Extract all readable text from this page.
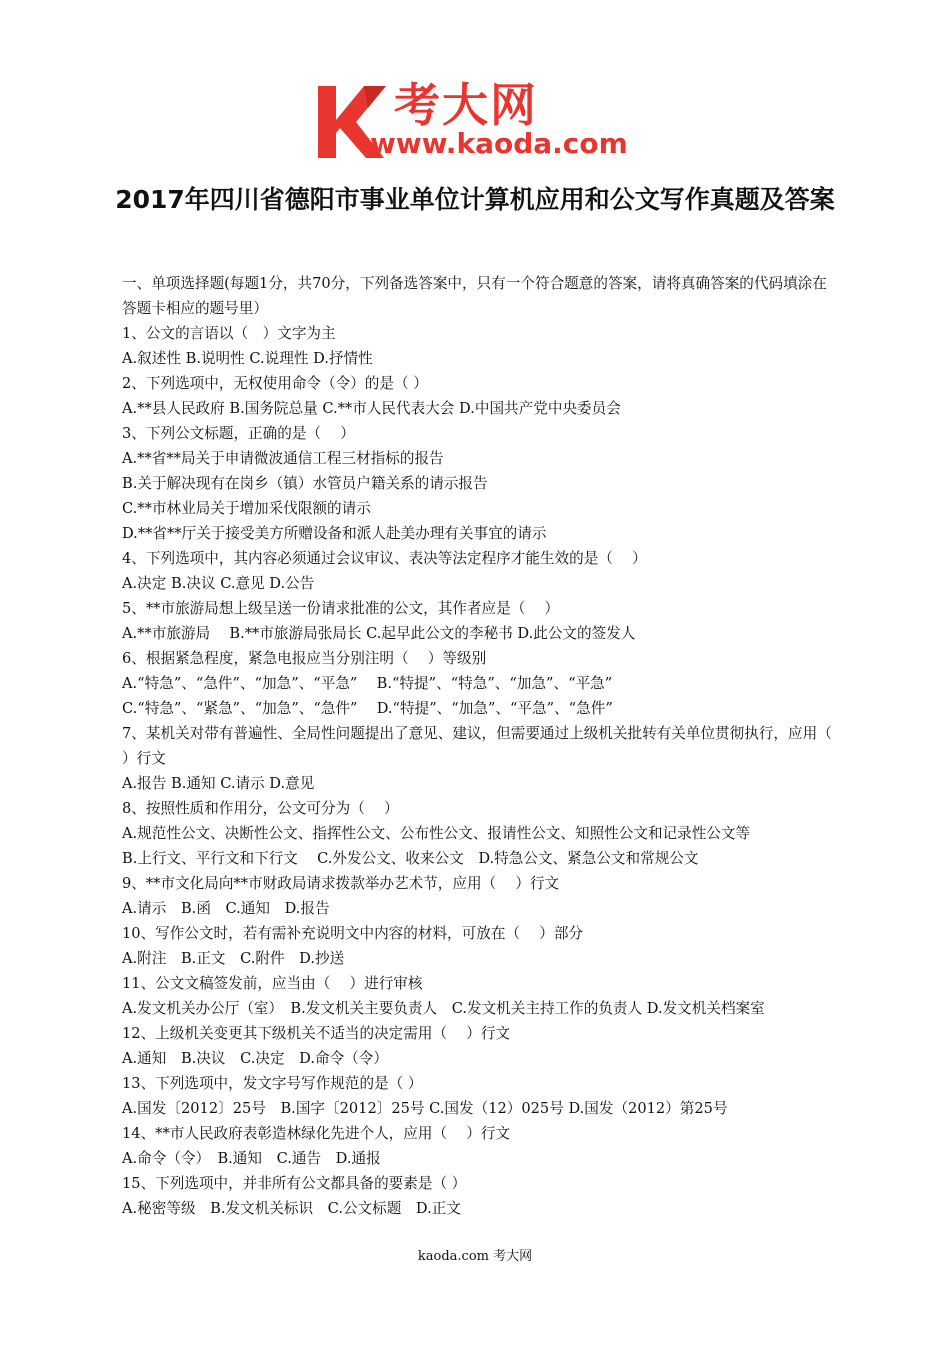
考大网
www.kaoda.com
2017年四川省德阳市事业单位计算机应用和公文写作真题及答案
一、单项选择题(每题1分，共70分，下列备选答案中，只有一个符合题意的答案，请将真确答案的代码填涂在答题卡相应的题号里）
1、公文的言语以（　）文字为主
A.叙述性 B.说明性 C.说理性 D.抒情性
2、下列选项中，无权使用命令（令）的是（ ）
A.**县人民政府 B.国务院总量 C.**市人民代表大会 D.中国共产党中央委员会
3、下列公文标题，正确的是（　 ）
A.**省**局关于申请微波通信工程三材指标的报告
B.关于解决现有在岗乡（镇）水管员户籍关系的请示报告
C.**市林业局关于增加采伐限额的请示
D.**省**厅关于接受美方所赠设备和派人赴美办理有关事宜的请示
4、下列选项中，其内容必须通过会议审议、表决等法定程序才能生效的是（　 ）
A.决定 B.决议 C.意见 D.公告
5、**市旅游局想上级呈送一份请求批准的公文，其作者应是（　 ）
A.**市旅游局　 B.**市旅游局张局长 C.起早此公文的李秘书 D.此公文的签发人
6、根据紧急程度，紧急电报应当分别注明（　 ）等级别
A.“特急”、“急件”、“加急”、“平急”　 B.“特提”、“特急”、“加急”、“平急”
C.“特急”、“紧急”、“加急”、“急件”　 D.“特提”、“加急”、“平急”、“急件”
7、某机关对带有普遍性、全局性问题提出了意见、建议，但需要通过上级机关批转有关单位贯彻执行，应用（　 ）行文
A.报告 B.通知 C.请示 D.意见
8、按照性质和作用分，公文可分为（　 ）
A.规范性公文、决断性公文、指挥性公文、公布性公文、报请性公文、知照性公文和记录性公文等
B.上行文、平行文和下行文　 C.外发公文、收来公文　D.特急公文、紧急公文和常规公文
9、**市文化局向**市财政局请求拨款举办艺术节，应用（　 ）行文
A.请示　B.函　C.通知　D.报告
10、写作公文时，若有需补充说明文中内容的材料，可放在（　 ）部分
A.附注　B.正文　C.附件　D.抄送
11、公文文稿签发前，应当由（　 ）进行审核
A.发文机关办公厅（室）　B.发文机关主要负责人　C.发文机关主持工作的负责人 D.发文机关档案室
12、上级机关变更其下级机关不适当的决定需用（　 ）行文
A.通知　B.决议　C.决定　D.命令（令）
13、下列选项中，发文字号写作规范的是（ ）
A.国发〔2012〕25号　B.国字〔2012〕25号 C.国发（12）025号 D.国发（2012）第25号
14、**市人民政府表彰造林绿化先进个人，应用（　 ）行文
A.命令（令）　B.通知　C.通告　D.通报
15、下列选项中，并非所有公文都具备的要素是（ ）
A.秘密等级　B.发文机关标识　C.公文标题　D.正文
kaoda.com 考大网
